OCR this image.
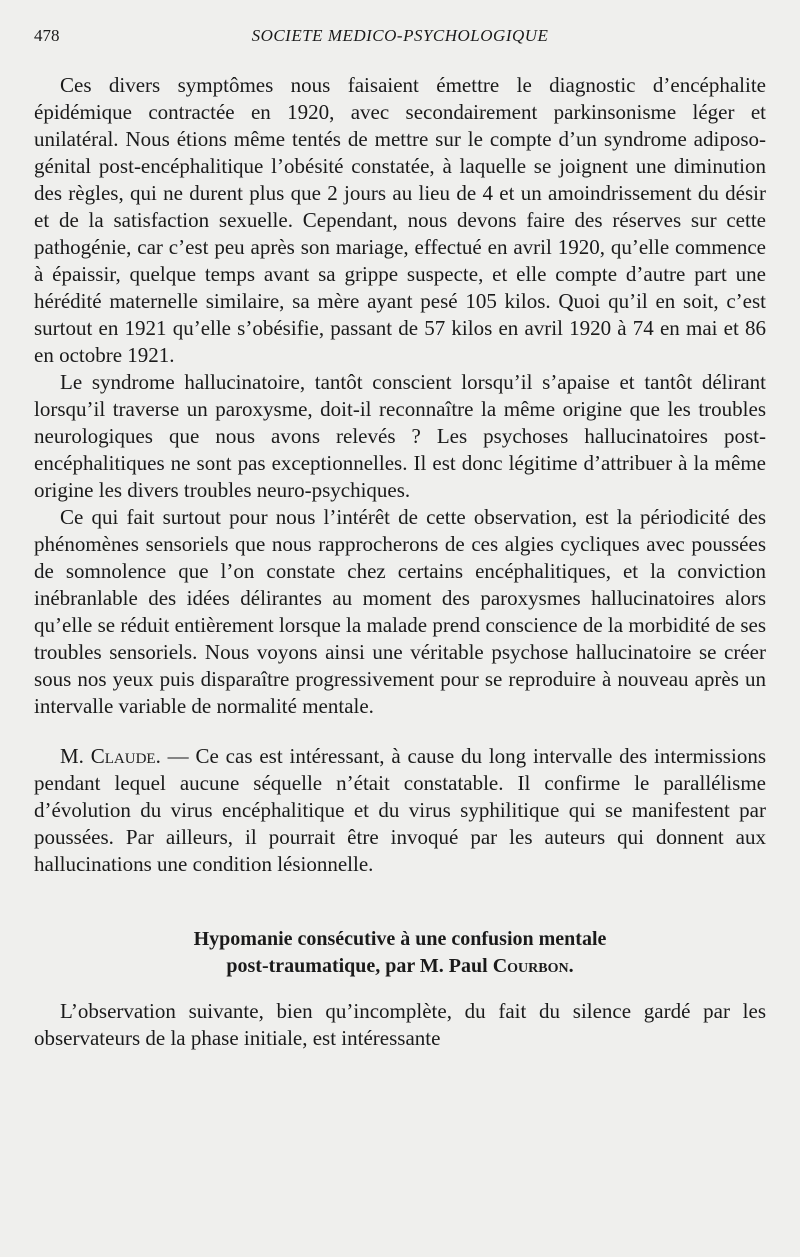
478	SOCIETE MEDICO-PSYCHOLOGIQUE

Ces divers symptômes nous faisaient émettre le diagnostic d’encéphalite épidémique contractée en 1920, avec secondairement parkinsonisme léger et unilatéral. Nous étions même tentés de mettre sur le compte d’un syndrome adiposo-génital post-encéphalitique l’obésité constatée, à laquelle se joignent une diminution des règles, qui ne durent plus que 2 jours au lieu de 4 et un amoindrissement du désir et de la satisfaction sexuelle. Cependant, nous devons faire des réserves sur cette pathogénie, car c’est peu après son mariage, effectué en avril 1920, qu’elle commence à épaissir, quelque temps avant sa grippe suspecte, et elle compte d’autre part une hérédité maternelle similaire, sa mère ayant pesé 105 kilos. Quoi qu’il en soit, c’est surtout en 1921 qu’elle s’obésifie, passant de 57 kilos en avril 1920 à 74 en mai et 86 en octobre 1921.

Le syndrome hallucinatoire, tantôt conscient lorsqu’il s’apaise et tantôt délirant lorsqu’il traverse un paroxysme, doit-il reconnaître la même origine que les troubles neurologiques que nous avons relevés ? Les psychoses hallucinatoires post-encéphalitiques ne sont pas exceptionnelles. Il est donc légitime d’attribuer à la même origine les divers troubles neuro-psychiques.

Ce qui fait surtout pour nous l’intérêt de cette observation, est la périodicité des phénomènes sensoriels que nous rapprocherons de ces algies cycliques avec poussées de somnolence que l’on constate chez certains encéphalitiques, et la conviction inébranlable des idées délirantes au moment des paroxysmes hallucinatoires alors qu’elle se réduit entièrement lorsque la malade prend conscience de la morbidité de ses troubles sensoriels. Nous voyons ainsi une véritable psychose hallucinatoire se créer sous nos yeux puis disparaître progressivement pour se reproduire à nouveau après un intervalle variable de normalité mentale.

M. Claude. — Ce cas est intéressant, à cause du long intervalle des intermissions pendant lequel aucune séquelle n’était constatable. Il confirme le parallélisme d’évolution du virus encéphalitique et du virus syphilitique qui se manifestent par poussées. Par ailleurs, il pourrait être invoqué par les auteurs qui donnent aux hallucinations une condition lésionnelle.

Hypomanie consécutive à une confusion mentale
post-traumatique, par M. Paul Courbon.

L’observation suivante, bien qu’incomplète, du fait du silence gardé par les observateurs de la phase initiale, est intéressante
